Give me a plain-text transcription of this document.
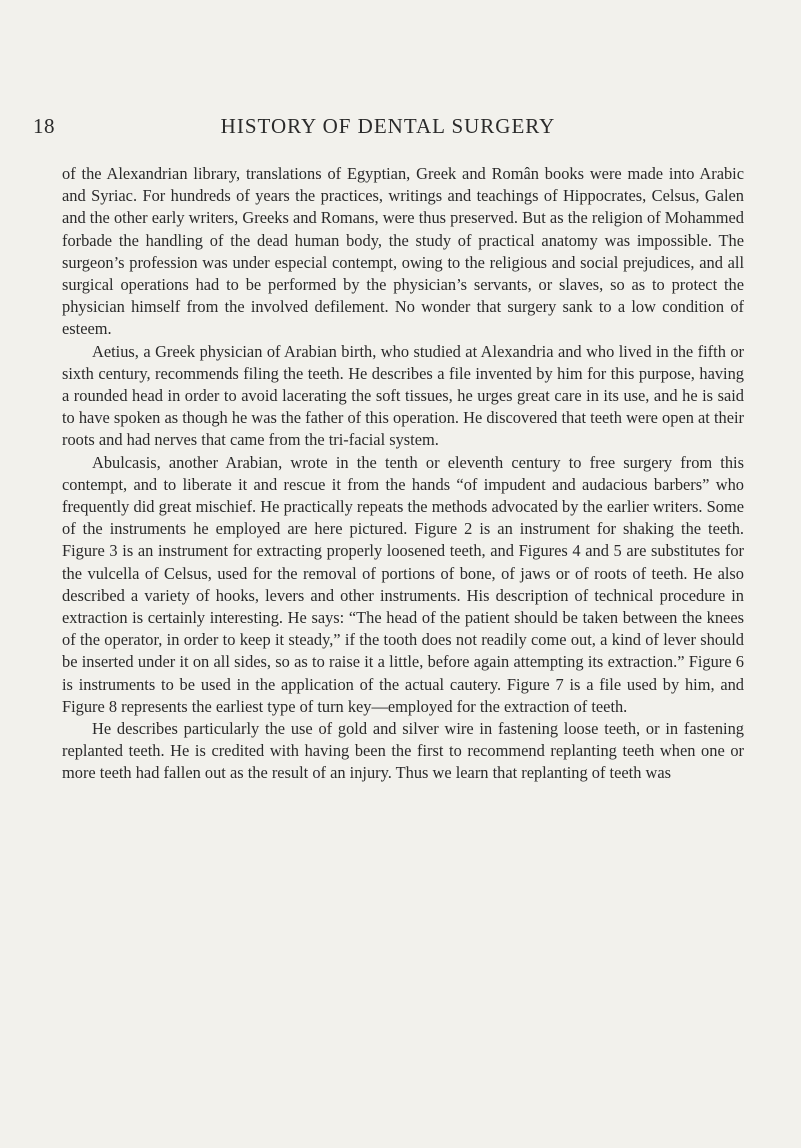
18	HISTORY OF DENTAL SURGERY

of the Alexandrian library, translations of Egyptian, Greek and Român books were made into Arabic and Syriac. For hundreds of years the practices, writings and teachings of Hippocrates, Celsus, Galen and the other early writers, Greeks and Romans, were thus preserved. But as the religion of Mohammed forbade the handling of the dead human body, the study of practical anatomy was impossible. The surgeon’s profession was under especial contempt, owing to the religious and social prejudices, and all surgical operations had to be performed by the physician’s servants, or slaves, so as to protect the physician himself from the involved defilement. No wonder that surgery sank to a low condition of esteem.

Aetius, a Greek physician of Arabian birth, who studied at Alexandria and who lived in the fifth or sixth century, recommends filing the teeth. He describes a file invented by him for this purpose, having a rounded head in order to avoid lacerating the soft tissues, he urges great care in its use, and he is said to have spoken as though he was the father of this operation. He discovered that teeth were open at their roots and had nerves that came from the tri-facial system.

Abulcasis, another Arabian, wrote in the tenth or eleventh century to free surgery from this contempt, and to liberate it and rescue it from the hands “of impudent and audacious barbers” who frequently did great mischief. He practically repeats the methods advocated by the earlier writers. Some of the instruments he employed are here pictured. Figure 2 is an instrument for shaking the teeth. Figure 3 is an instrument for extracting properly loosened teeth, and Figures 4 and 5 are substitutes for the vulcella of Celsus, used for the removal of portions of bone, of jaws or of roots of teeth. He also described a variety of hooks, levers and other instruments. His description of technical procedure in extraction is certainly interesting. He says: “The head of the patient should be taken between the knees of the operator, in order to keep it steady,” if the tooth does not readily come out, a kind of lever should be inserted under it on all sides, so as to raise it a little, before again attempting its extraction.” Figure 6 is instruments to be used in the application of the actual cautery. Figure 7 is a file used by him, and Figure 8 represents the earliest type of turn key—employed for the extraction of teeth.

He describes particularly the use of gold and silver wire in fastening loose teeth, or in fastening replanted teeth. He is credited with having been the first to recommend replanting teeth when one or more teeth had fallen out as the result of an injury. Thus we learn that replanting of teeth was
